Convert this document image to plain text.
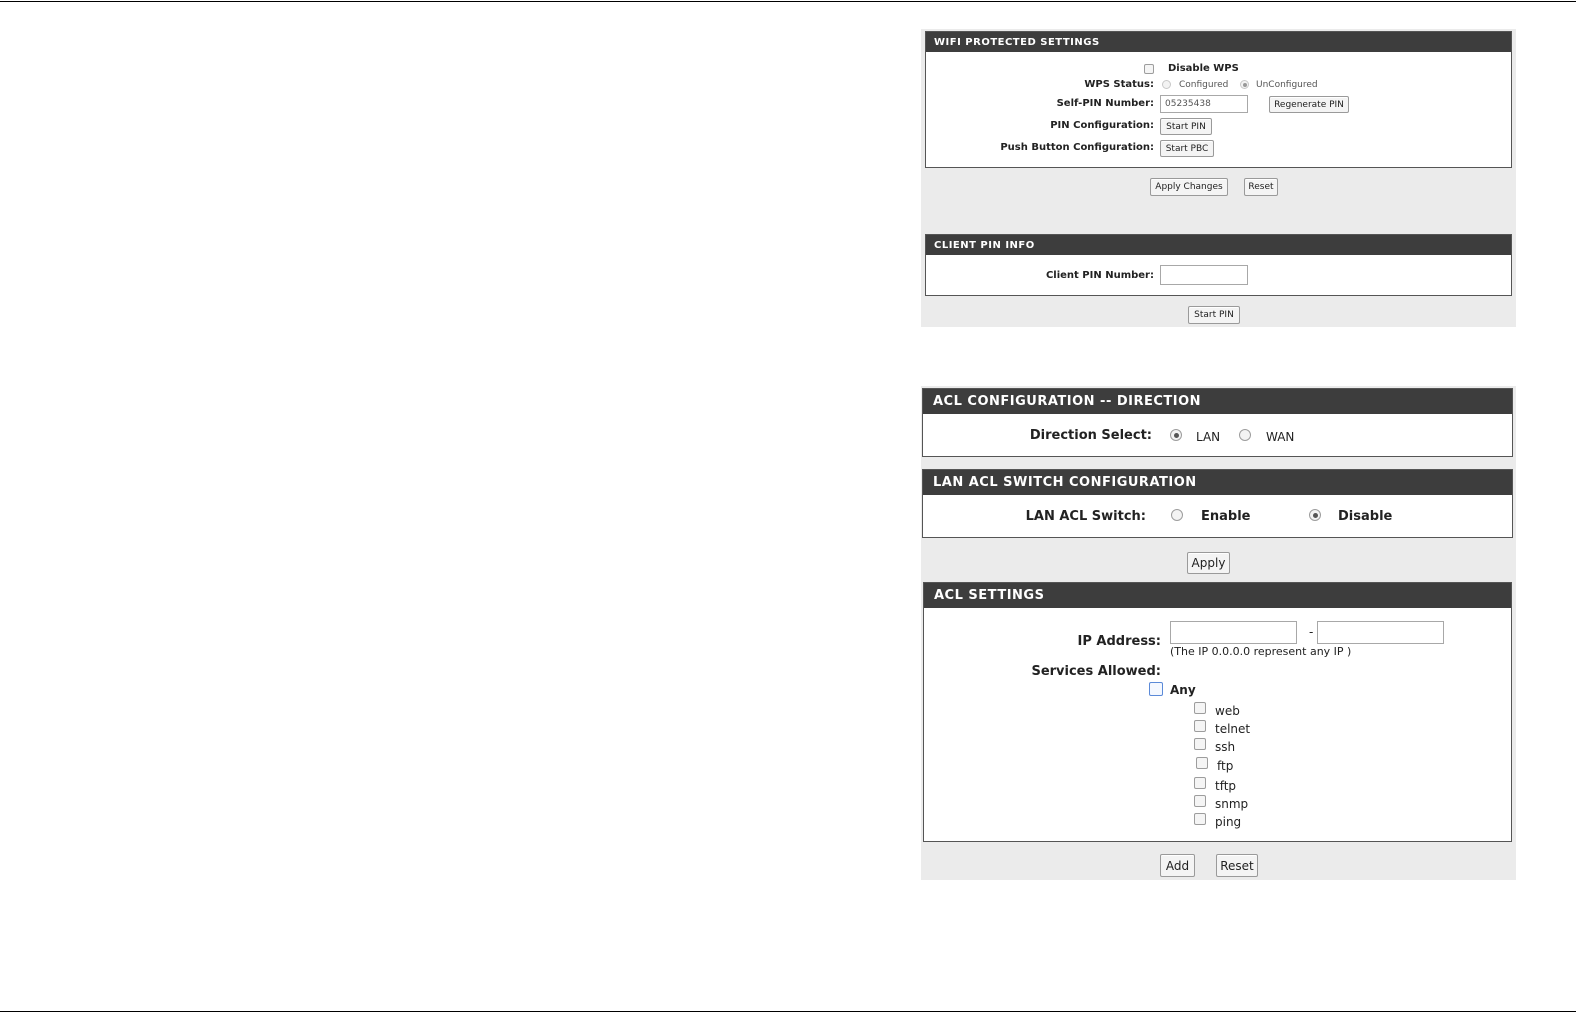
WIFI PROTECTED SETTINGS
Disable WPS
WPS Status:	Configured	UnConfigured
Self-PIN Number:
05235438	Regenerate PIN
PIN Configuration:	Start PIN
Push Button Configuration:	Start PBC
Apply Changes	Reset
CLIENT PIN INFO
Client PIN Number:
Start PIN
ACL CONFIGURATION -- DIRECTION
Direction Select:	LAN	WAN
LAN ACL SWITCH CONFIGURATION
LAN ACL Switch:	Enable	Disable
Apply
ACL SETTINGS
IP Address:
-
(The IP 0.0.0.0 represent any IP )
Services Allowed:
Any
web
telnet
ssh
ftp
tftp
snmp
ping
Add	Reset
